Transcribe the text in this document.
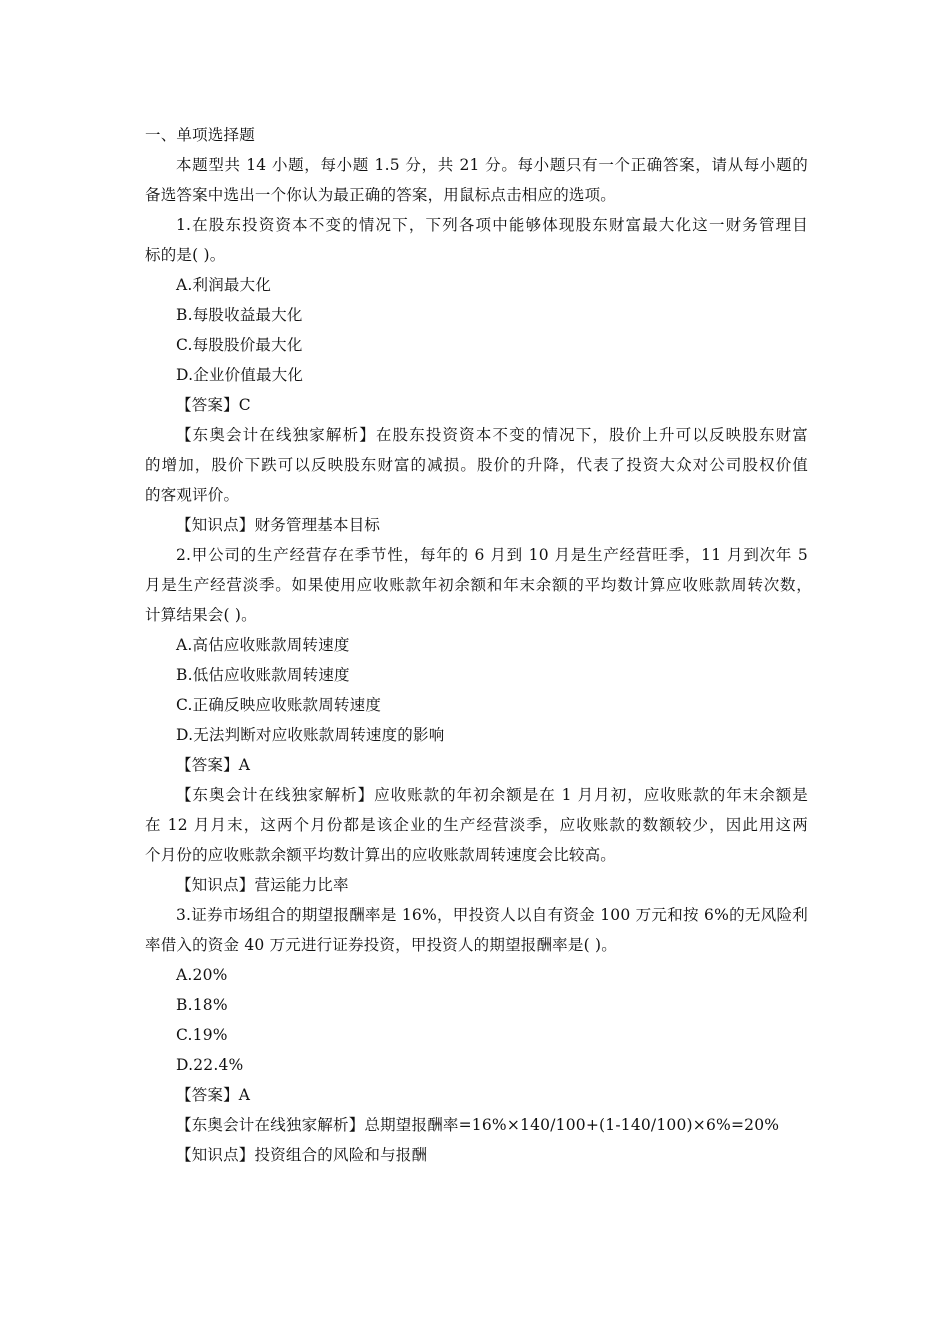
一、单项选择题
本题型共 14 小题，每小题 1.5 分，共 21 分。每小题只有一个正确答案，请从每小题的
备选答案中选出一个你认为最正确的答案，用鼠标点击相应的选项。
1.在股东投资资本不变的情况下，下列各项中能够体现股东财富最大化这一财务管理目
标的是( )。
A.利润最大化
B.每股收益最大化
C.每股股价最大化
D.企业价值最大化
【答案】C
【东奥会计在线独家解析】在股东投资资本不变的情况下，股价上升可以反映股东财富
的增加，股价下跌可以反映股东财富的减损。股价的升降，代表了投资大众对公司股权价值
的客观评价。
【知识点】财务管理基本目标
2.甲公司的生产经营存在季节性，每年的 6 月到 10 月是生产经营旺季，11 月到次年 5
月是生产经营淡季。如果使用应收账款年初余额和年末余额的平均数计算应收账款周转次数，
计算结果会( )。
A.高估应收账款周转速度
B.低估应收账款周转速度
C.正确反映应收账款周转速度
D.无法判断对应收账款周转速度的影响
【答案】A
【东奥会计在线独家解析】应收账款的年初余额是在 1 月月初，应收账款的年末余额是
在 12 月月末，这两个月份都是该企业的生产经营淡季，应收账款的数额较少，因此用这两
个月份的应收账款余额平均数计算出的应收账款周转速度会比较高。
【知识点】营运能力比率
3.证券市场组合的期望报酬率是 16%，甲投资人以自有资金 100 万元和按 6%的无风险利
率借入的资金 40 万元进行证券投资，甲投资人的期望报酬率是( )。
A.20%
B.18%
C.19%
D.22.4%
【答案】A
【东奥会计在线独家解析】总期望报酬率=16%×140/100+(1-140/100)×6%=20%
【知识点】投资组合的风险和与报酬
